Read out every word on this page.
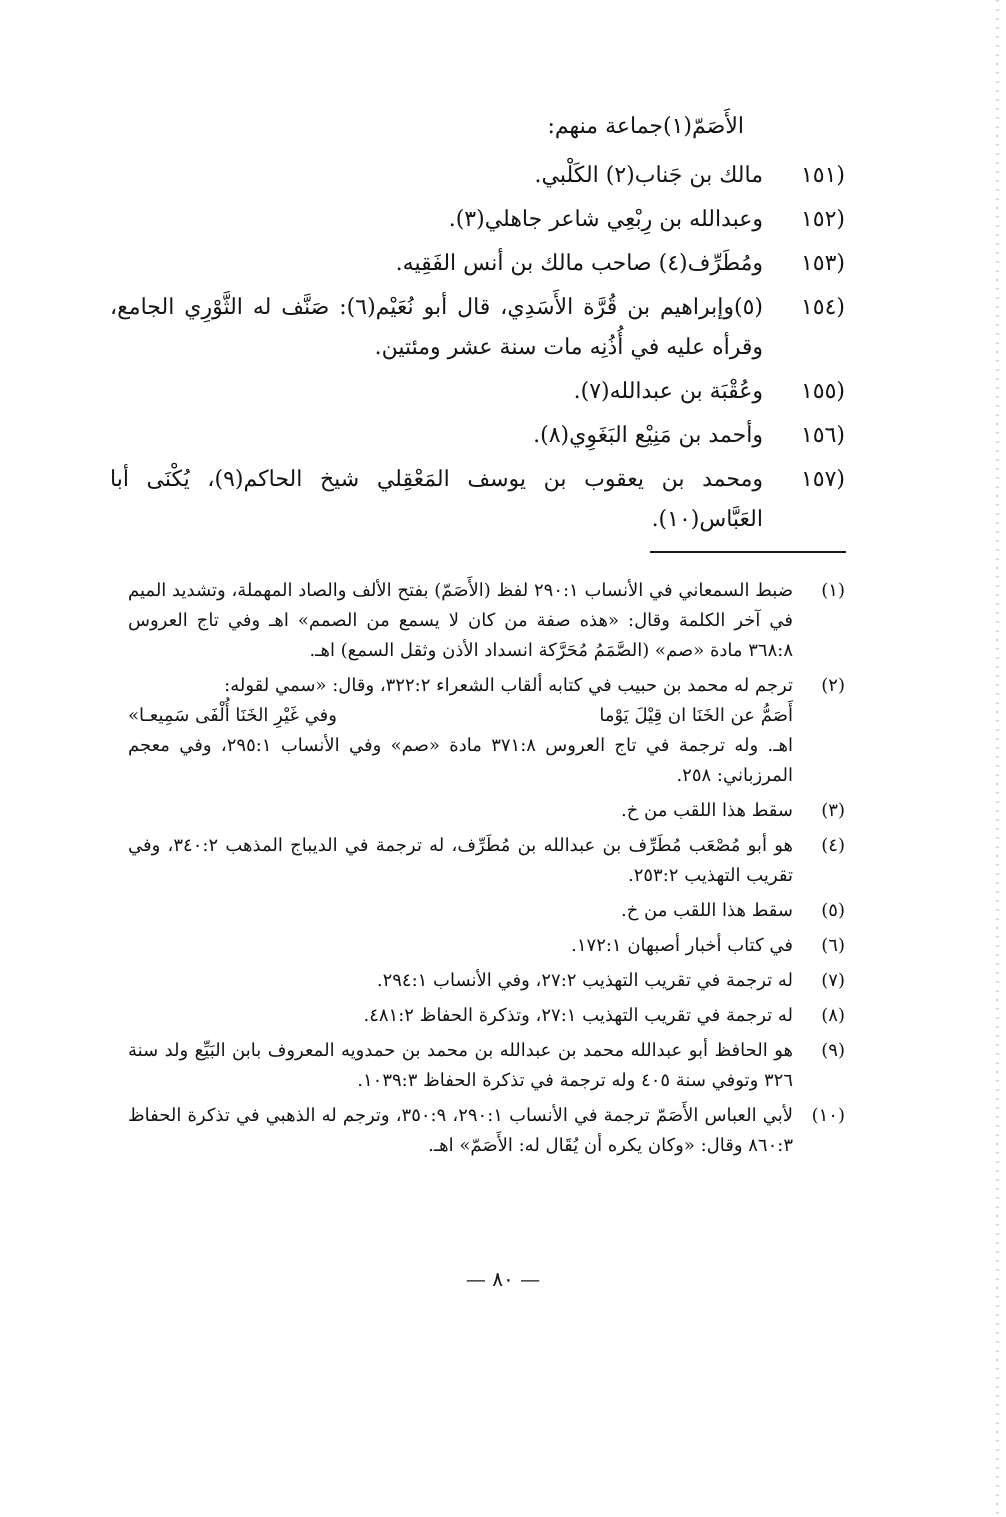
الأَصَمّ(١)جماعة منهم:
(١٥١
مالك بن جَناب(٢) الكَلْبي.
(١٥٢
وعبدالله بن رِبْعِي شاعر جاهلي(٣).
(١٥٣
ومُطَرِّف(٤) صاحب مالك بن أنس الفَقِيه.
(١٥٤
(٥)وإبراهيم بن قُرَّة الأَسَدِي، قال أبو نُعَيْم(٦): صَنَّف له الثَّوْرِي الجامع، وقرأه عليه في أُذُنِه مات سنة عشر ومئتين.
(١٥٥
وعُقْبَة بن عبدالله(٧).
(١٥٦
وأحمد بن مَنِيْع البَغَوِي(٨).
(١٥٧
ومحمد بن يعقوب بن يوسف المَعْقِلي شيخ الحاكم(٩)، يُكْنَى أبا العَبَّاس(١٠).
(١)
ضبط السمعاني في الأنساب ٢٩٠:١ لفظ (الأَصَمّ) بفتح الألف والصاد المهملة، وتشديد الميم في آخر الكلمة وقال: «هذه صفة من كان لا يسمع من الصمم» اهـ وفي تاج العروس ٣٦٨:٨ مادة «صم» (الصَّمَمُ مُحَرَّكة انسداد الأذن وثقل السمع) اهـ.
(٢)
ترجم له محمد بن حبيب في كتابه ألقاب الشعراء ٣٢٢:٢، وقال: «سمي لقوله:
أَصَمُّ عن الخَنَا ان قِيْلَ يَوْما
وفي غَيْرِ الخَنَا أُلْفَى سَمِيعـا»
اهـ. وله ترجمة في تاج العروس ٣٧١:٨ مادة «صم» وفي الأنساب ٢٩٥:١، وفي معجم المرزباني: ٢٥٨.
(٣)
سقط هذا اللقب من خ.
(٤)
هو أبو مُصْعَب مُطَرِّف بن عبدالله بن مُطَرِّف، له ترجمة في الديباج المذهب ٣٤٠:٢، وفي تقريب التهذيب ٢٥٣:٢.
(٥)
سقط هذا اللقب من خ.
(٦)
في كتاب أخبار أصبهان ١٧٢:١.
(٧)
له ترجمة في تقريب التهذيب ٢٧:٢، وفي الأنساب ٢٩٤:١.
(٨)
له ترجمة في تقريب التهذيب ٢٧:١، وتذكرة الحفاظ ٤٨١:٢.
(٩)
هو الحافظ أبو عبدالله محمد بن عبدالله بن محمد بن حمدويه المعروف بابن البَيِّع ولد سنة ٣٢٦ وتوفي سنة ٤٠٥ وله ترجمة في تذكرة الحفاظ ١٠٣٩:٣.
(١٠)
لأبي العباس الأَصَمّ ترجمة في الأنساب ٢٩٠:١، ٣٥٠:٩، وترجم له الذهبي في تذكرة الحفاظ ٨٦٠:٣ وقال: «وكان يكره أن يُقَال له: الأَصَمّ» اهـ.
— ٨٠ —
